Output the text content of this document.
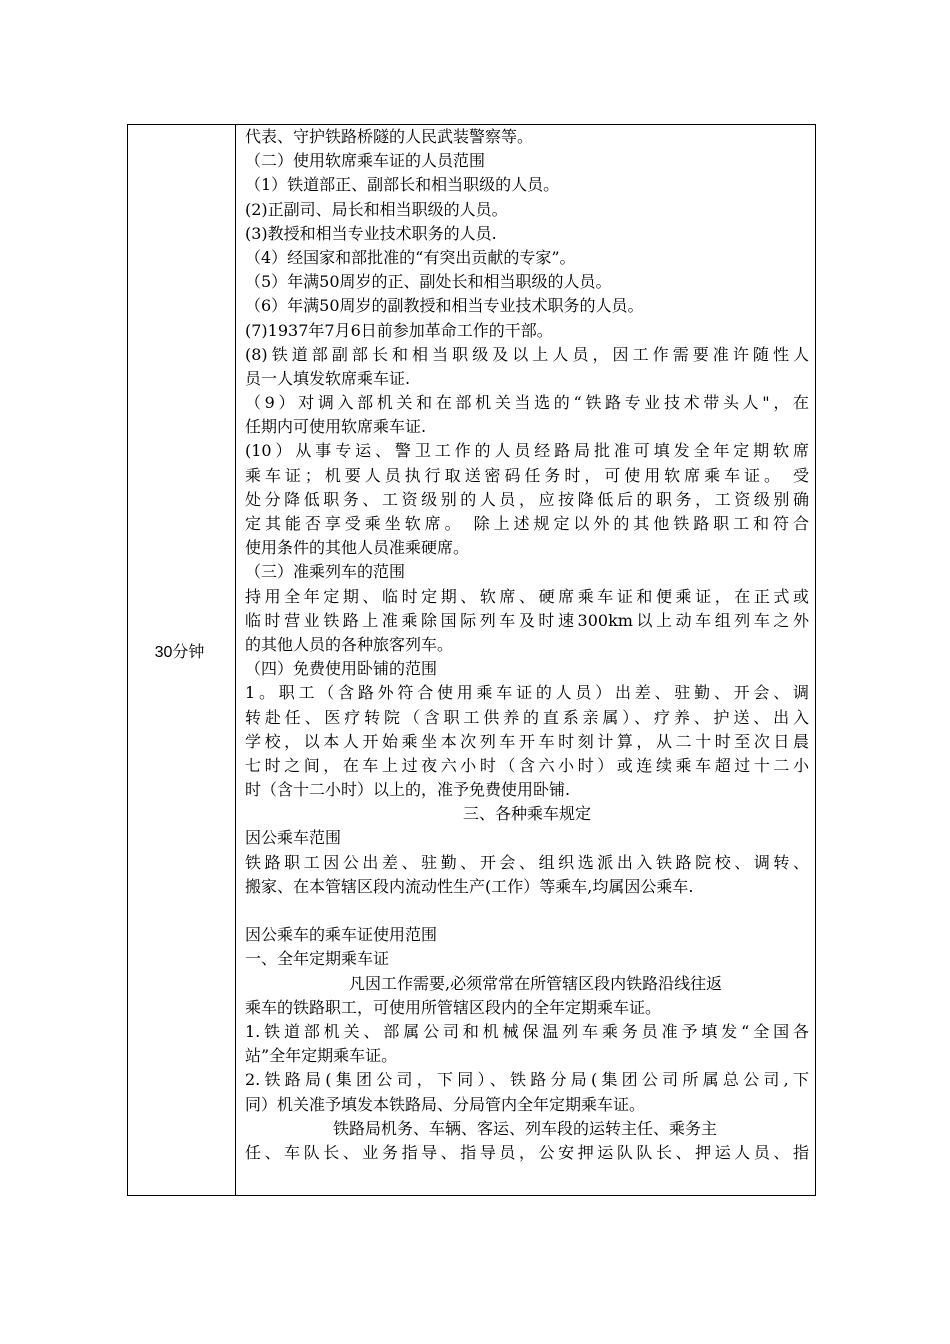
30分钟
代表、守护铁路桥隧的人民武装警察等。
（二）使用软席乘车证的人员范围
（1）铁道部正、副部长和相当职级的人员。
(2)正副司、局长和相当职级的人员。
(3)教授和相当专业技术职务的人员.
（4）经国家和部批准的“有突出贡献的专家”。
（5）年满50周岁的正、副处长和相当职级的人员。
（6）年满50周岁的副教授和相当专业技术职务的人员。
(7)1937年7月6日前参加革命工作的干部。
(8)铁道部副部长和相当职级及以上人员，因工作需要准许随性人
员一人填发软席乘车证.
（9）对调入部机关和在部机关当选的“铁路专业技术带头人"，在
任期内可使用软席乘车证.
(10）从事专运、警卫工作的人员经路局批准可填发全年定期软席
乘车证；机要人员执行取送密码任务时，可使用软席乘车证。 受
处分降低职务、工资级别的人员，应按降低后的职务，工资级别确
定其能否享受乘坐软席。 除上述规定以外的其他铁路职工和符合
使用条件的其他人员准乘硬席。
（三）准乘列车的范围
持用全年定期、临时定期、软席、硬席乘车证和便乘证，在正式或
临时营业铁路上准乘除国际列车及时速300km以上动车组列车之外
的其他人员的各种旅客列车。
（四）免费使用卧铺的范围
1。职工（含路外符合使用乘车证的人员）出差、驻勤、开会、调
转赴任、医疗转院（含职工供养的直系亲属）、疗养、护送、出入
学校，以本人开始乘坐本次列车开车时刻计算，从二十时至次日晨
七时之间，在车上过夜六小时（含六小时）或连续乘车超过十二小
时（含十二小时）以上的，准予免费使用卧铺.
三、各种乘车规定
因公乘车范围
铁路职工因公出差、驻勤、开会、组织选派出入铁路院校、调转、
搬家、在本管辖区段内流动性生产(工作）等乘车,均属因公乘车.
因公乘车的乘车证使用范围
一、全年定期乘车证
凡因工作需要,必须常常在所管辖区段内铁路沿线往返
乘车的铁路职工，可使用所管辖区段内的全年定期乘车证。
1.铁道部机关、部属公司和机械保温列车乘务员准予填发“全国各
站”全年定期乘车证。
2.铁路局(集团公司，下同）、铁路分局(集团公司所属总公司,下
同）机关准予填发本铁路局、分局管内全年定期乘车证。
铁路局机务、车辆、客运、列车段的运转主任、乘务主
任、车队长、业务指导、指导员，公安押运队队长、押运人员、指
